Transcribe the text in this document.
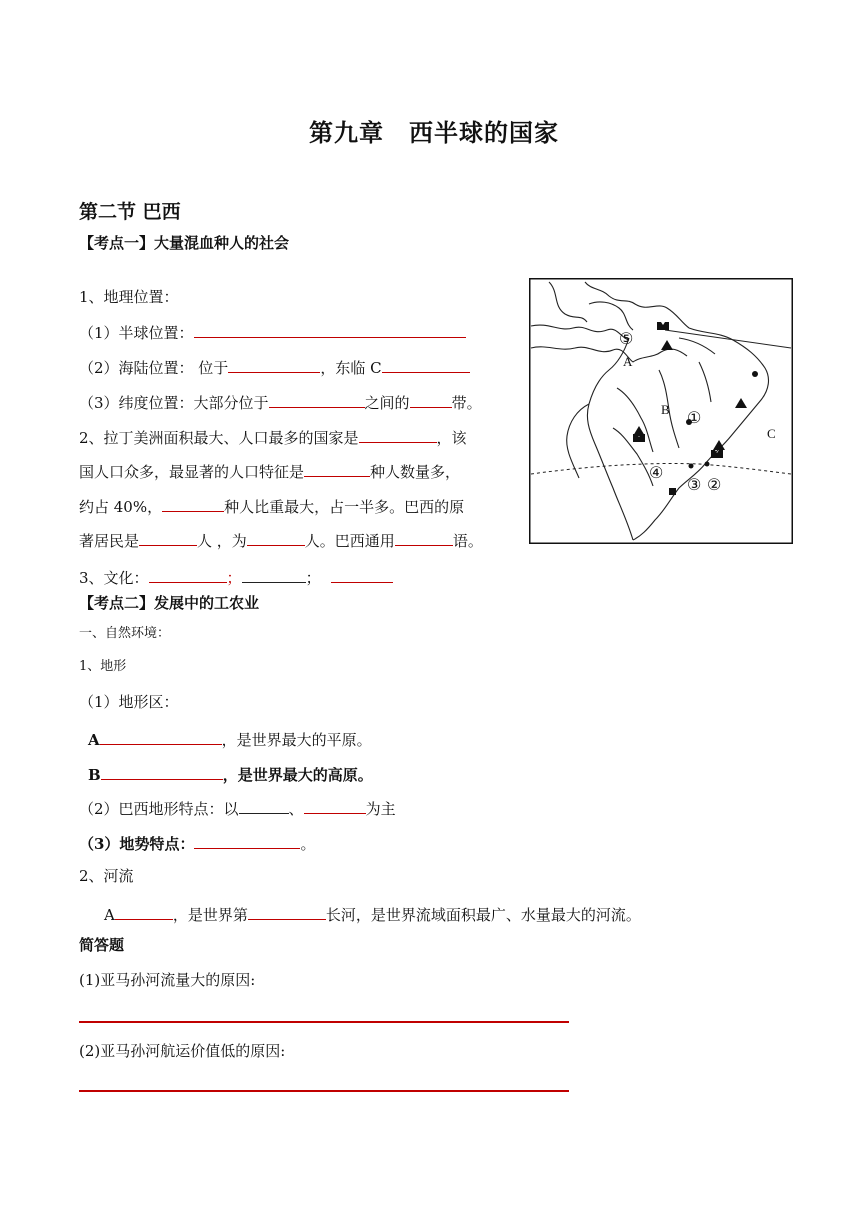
第九章　西半球的国家
第二节 巴西
【考点一】大量混血种人的社会
1、地理位置：
（1）半球位置：
（2）海陆位置： 位于	，东临 C
（3）纬度位置：大部分位于	之间的	带。
2、拉丁美洲面积最大、人口最多的国家是	，该
国人口众多，最显著的人口特征是	种人数量多，
约占 40%，	种人比重最大，占一半多。巴西的原
著居民是	人 ，为	人。巴西通用	语。
3、文化：	；	；
⑤
①
②
③
④
A
B
C
【考点二】发展中的工农业
一、自然环境：
1、地形
（1）地形区：
A	，是世界最大的平原。
B	，是世界最大的高原。
（2）巴西地形特点：以	、	为主
（3）地势特点：	。
2、河流
A	，是世界第	长河，是世界流域面积最广、水量最大的河流。
简答题
(1)亚马孙河流量大的原因:
(2)亚马孙河航运价值低的原因:
